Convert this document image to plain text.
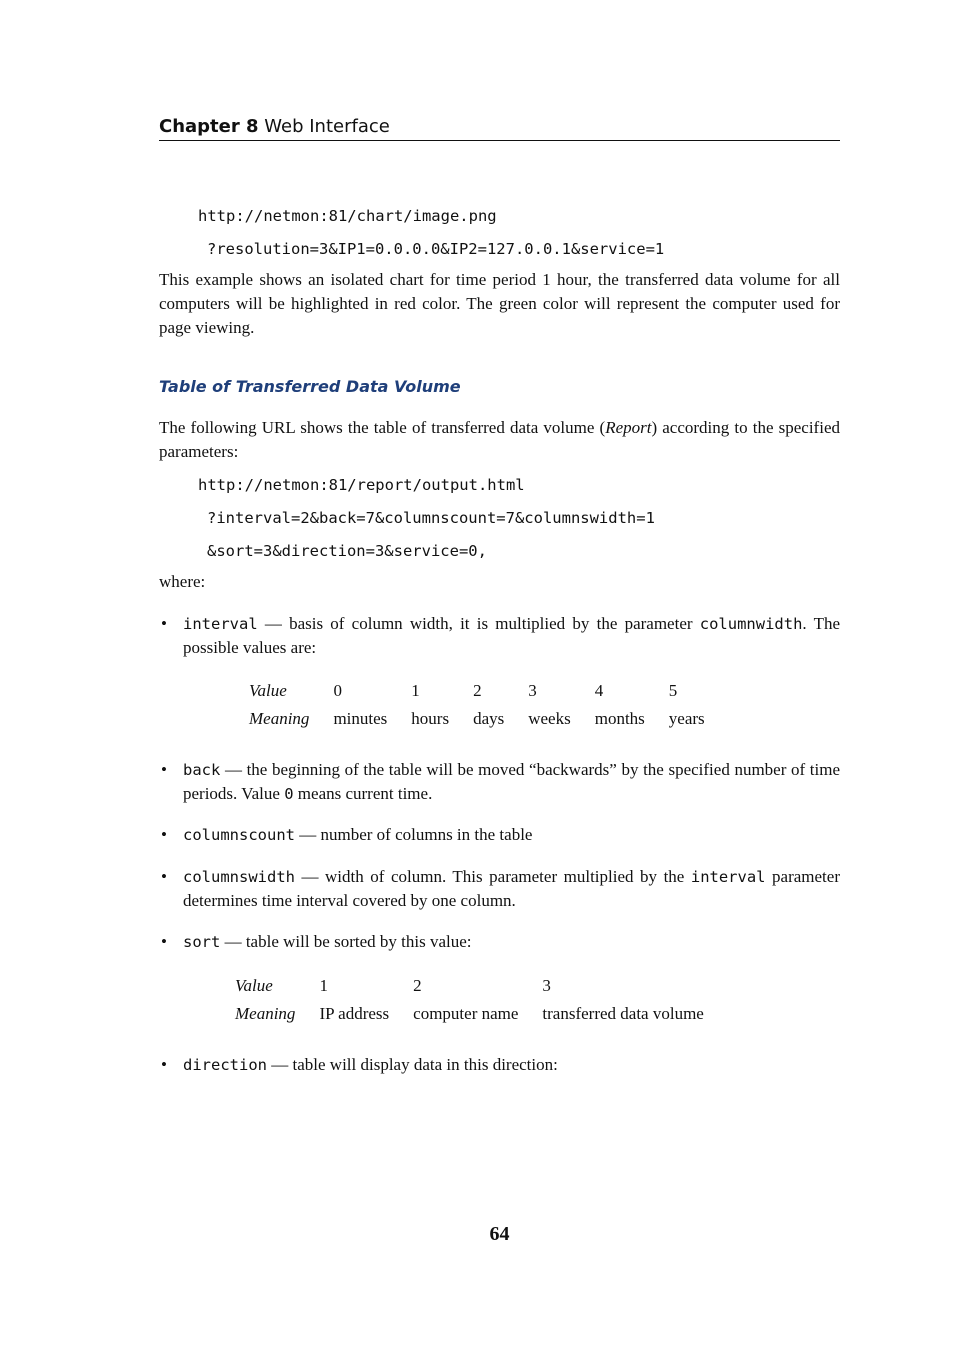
Chapter 8 Web Interface
http://netmon:81/chart/image.png
?resolution=3&IP1=0.0.0.0&IP2=127.0.0.1&service=1
This example shows an isolated chart for time period 1 hour, the transferred data volume for all computers will be highlighted in red color. The green color will represent the computer used for page viewing.
Table of Transferred Data Volume
The following URL shows the table of transferred data volume (Report) according to the specified parameters:
http://netmon:81/report/output.html
?interval=2&back=7&columnscount=7&columnswidth=1
&sort=3&direction=3&service=0,
where:
• interval — basis of column width, it is multiplied by the parameter columnwidth. The possible values are:
Value	0	1	2	3	4	5
Meaning	minutes	hours	days	weeks	months	years
• back — the beginning of the table will be moved “backwards” by the specified number of time periods. Value 0 means current time.
• columnscount — number of columns in the table
• columnswidth — width of column. This parameter multiplied by the interval parameter determines time interval covered by one column.
• sort — table will be sorted by this value:
Value	1	2	3
Meaning	IP address	computer name	transferred data volume
• direction — table will display data in this direction:
64
